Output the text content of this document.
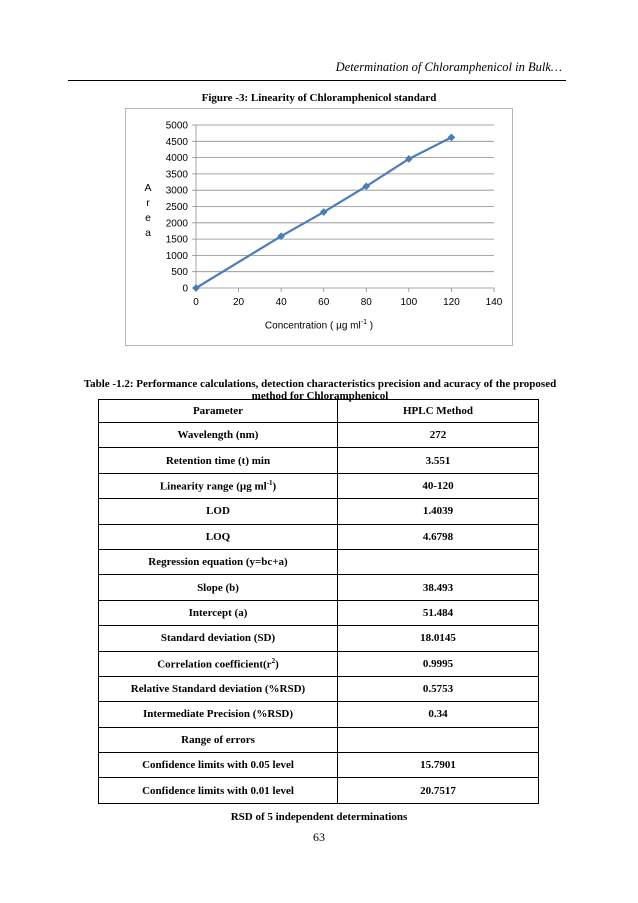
Determination of Chloramphenicol in Bulk…
Figure -3: Linearity of Chloramphenicol standard
0
500
1000
1500
2000
2500
3000
3500
4000
4500
5000
0	20	40	60	80	100	120	140
A
r
e
a
Concentration ( µg $ml^{-1}$ )
Table -1.2: Performance calculations, detection characteristics precision and acuracy of the proposed
method for Chloramphenicol
Parameter	HPLC Method
Wavelength (nm)	272
Retention time (t) min	3.551
Linearity range (µg $ml^{-1}$)	40-120
LOD	1.4039
LOQ	4.6798
Regression equation (y=bc+a)	
Slope (b)	38.493
Intercept (a)	51.484
Standard deviation (SD)	18.0145
Correlation $coefficient(r^2)$	0.9995
Relative Standard deviation (%RSD)	0.5753
Intermediate Precision (%RSD)	0.34
Range of errors	
Confidence limits with 0.05 level	15.7901
Confidence limits with 0.01 level	20.7517
RSD of 5 independent determinations
63
